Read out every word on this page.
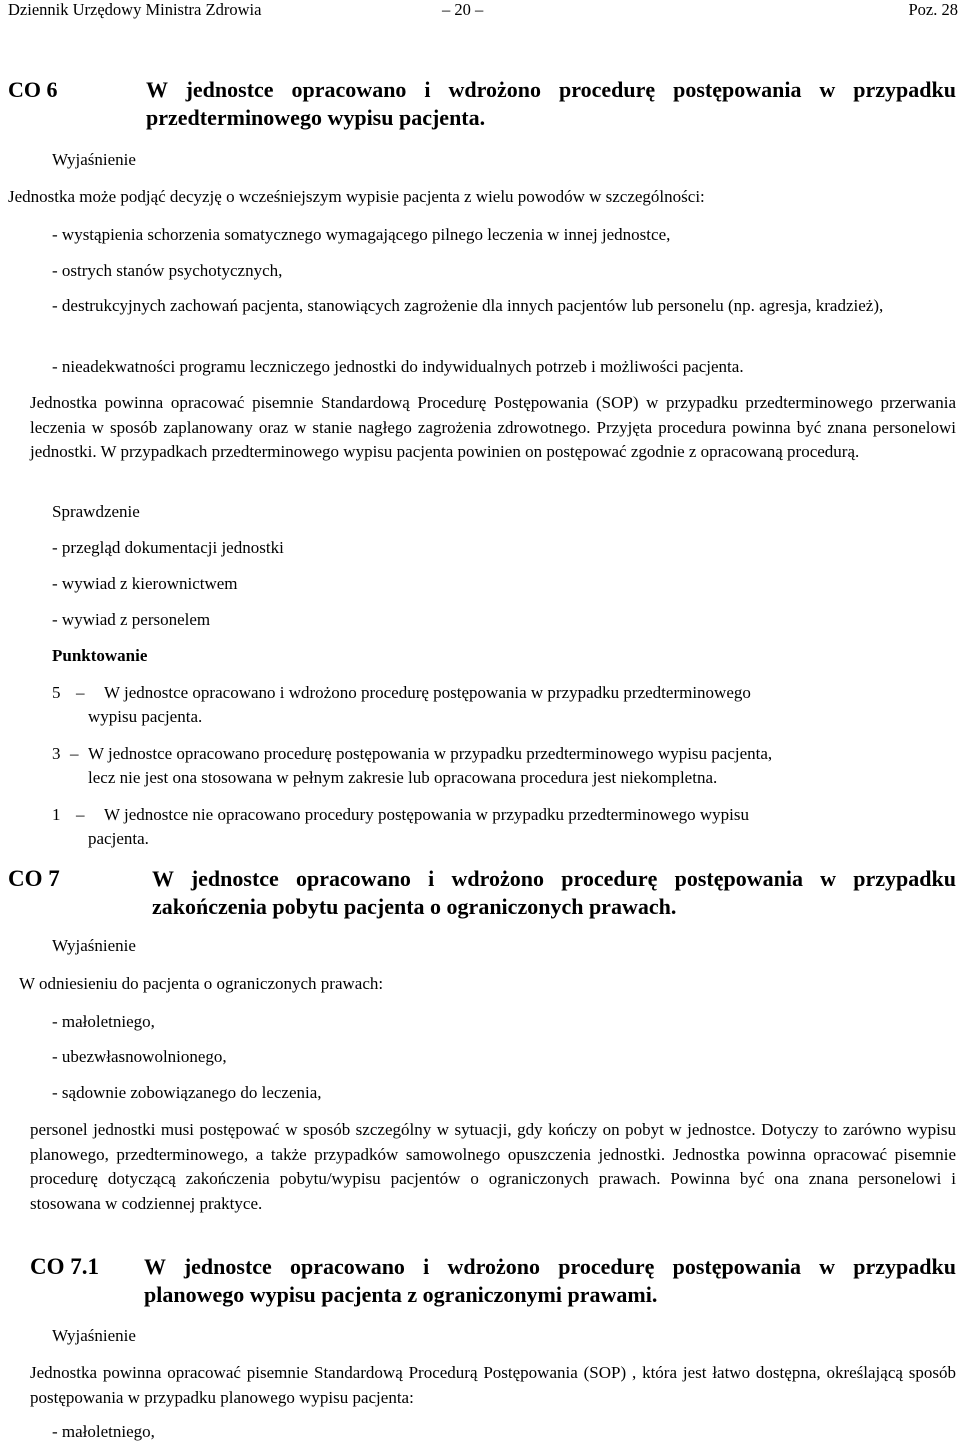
Dziennik Urzędowy Ministra Zdrowia	– 20 –	Poz. 28
CO 6	W jednostce opracowano i wdrożono procedurę postępowania w przypadku przedterminowego wypisu pacjenta.
Wyjaśnienie
Jednostka może podjąć decyzję o wcześniejszym wypisie pacjenta z wielu powodów w szczególności:
- wystąpienia schorzenia somatycznego wymagającego pilnego leczenia w innej jednostce,
- ostrych stanów psychotycznych,
- destrukcyjnych zachowań pacjenta, stanowiących zagrożenie dla innych pacjentów lub personelu (np. agresja, kradzież),
- nieadekwatności programu leczniczego jednostki do indywidualnych potrzeb i możliwości pacjenta.
Jednostka powinna opracować pisemnie Standardową Procedurę Postępowania (SOP) w przypadku przedterminowego przerwania leczenia w sposób zaplanowany oraz w stanie nagłego zagrożenia zdrowotnego. Przyjęta procedura powinna być znana personelowi jednostki. W przypadkach przedterminowego wypisu pacjenta powinien on postępować zgodnie z opracowaną procedurą.
Sprawdzenie
- przegląd dokumentacji jednostki
- wywiad z kierownictwem
- wywiad z personelem
Punktowanie
5 – W jednostce opracowano i wdrożono procedurę postępowania w przypadku przedterminowego
wypisu pacjenta.
3 – W jednostce opracowano procedurę postępowania w przypadku przedterminowego wypisu pacjenta,
lecz nie jest ona stosowana w pełnym zakresie lub opracowana procedura jest niekompletna.
1 – W jednostce nie opracowano procedury postępowania w przypadku przedterminowego wypisu
pacjenta.
CO 7	W jednostce opracowano i wdrożono procedurę postępowania w przypadku zakończenia pobytu pacjenta o ograniczonych prawach.
Wyjaśnienie
W odniesieniu do pacjenta o ograniczonych prawach:
- małoletniego,
- ubezwłasnowolnionego,
- sądownie zobowiązanego do leczenia,
personel jednostki musi postępować w sposób szczególny w sytuacji, gdy kończy on pobyt w jednostce. Dotyczy to zarówno wypisu planowego, przedterminowego, a także przypadków samowolnego opuszczenia jednostki. Jednostka powinna opracować pisemnie procedurę dotyczącą zakończenia pobytu/wypisu pacjentów o ograniczonych prawach. Powinna być ona znana personelowi i stosowana w codziennej praktyce.
CO 7.1 W jednostce opracowano i wdrożono procedurę postępowania w przypadku planowego wypisu pacjenta z ograniczonymi prawami.
Wyjaśnienie
Jednostka powinna opracować pisemnie Standardową Procedurą Postępowania (SOP) , która jest łatwo dostępna, określającą sposób postępowania w przypadku planowego wypisu pacjenta:
- małoletniego,
